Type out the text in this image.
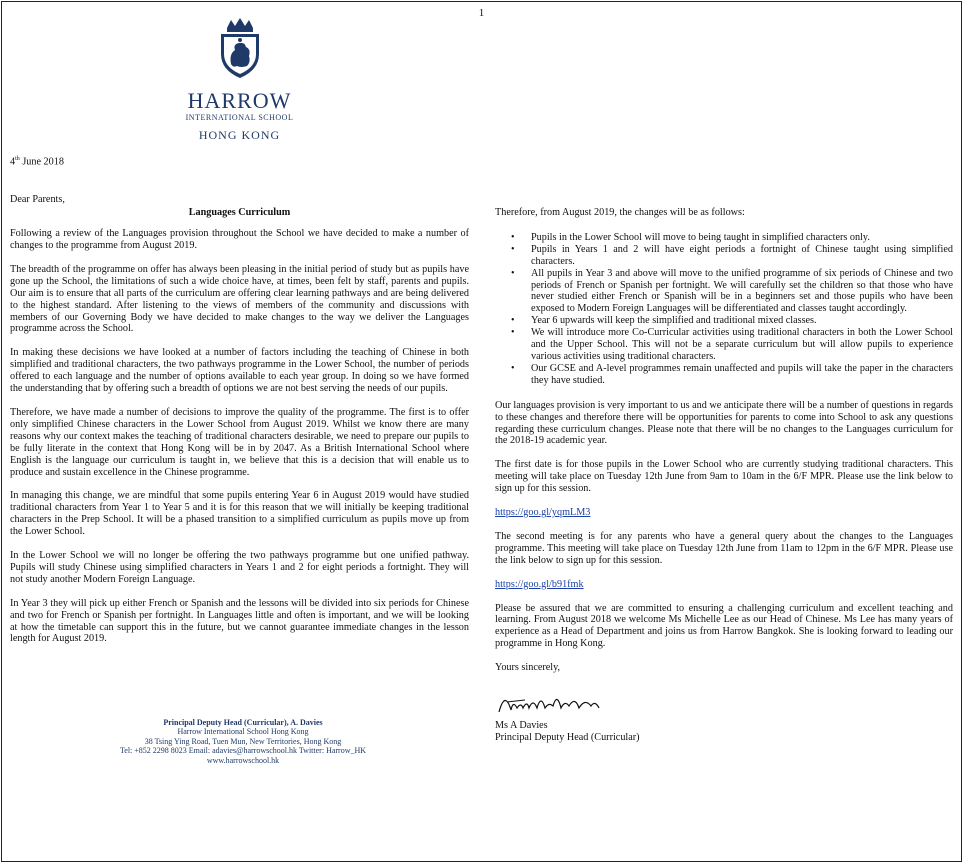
1
HARROW
INTERNATIONAL SCHOOL
HONG KONG
4th June 2018
Dear Parents,
Languages Curriculum

Following a review of the Languages provision throughout the School we have decided to make a number of changes to the programme from August 2019.

The breadth of the programme on offer has always been pleasing in the initial period of study but as pupils have gone up the School, the limitations of such a wide choice have, at times, been felt by staff, parents and pupils. Our aim is to ensure that all parts of the curriculum are offering clear learning pathways and are being delivered to the highest standard. After listening to the views of members of the community and discussions with members of our Governing Body we have decided to make changes to the way we deliver the Languages programme across the School.

In making these decisions we have looked at a number of factors including the teaching of Chinese in both simplified and traditional characters, the two pathways programme in the Lower School, the number of periods offered to each language and the number of options available to each year group. In doing so we have formed the understanding that by offering such a breadth of options we are not best serving the needs of our pupils.

Therefore, we have made a number of decisions to improve the quality of the programme. The first is to offer only simplified Chinese characters in the Lower School from August 2019. Whilst we know there are many reasons why our context makes the teaching of traditional characters desirable, we need to prepare our pupils to be fully literate in the context that Hong Kong will be in by 2047. As a British International School where English is the language our curriculum is taught in, we believe that this is a decision that will enable us to produce and sustain excellence in the Chinese programme.

In managing this change, we are mindful that some pupils entering Year 6 in August 2019 would have studied traditional characters from Year 1 to Year 5 and it is for this reason that we will initially be keeping traditional characters in the Prep School. It will be a phased transition to a simplified curriculum as pupils move up from the Lower School.

In the Lower School we will no longer be offering the two pathways programme but one unified pathway. Pupils will study Chinese using simplified characters in Years 1 and 2 for eight periods a fortnight. They will not study another Modern Foreign Language.

In Year 3 they will pick up either French or Spanish and the lessons will be divided into six periods for Chinese and two for French or Spanish per fortnight. In Languages little and often is important, and we will be looking at how the timetable can support this in the future, but we cannot guarantee immediate changes in the lesson length for August 2019.

Principal Deputy Head (Curricular), A. Davies
Harrow International School Hong Kong
38 Tsing Ying Road, Tuen Mun, New Territories, Hong Kong
Tel: +852 2298 8023 Email: adavies@harrowschool.hk Twitter: Harrow_HK
www.harrowschool.hk

Therefore, from August 2019, the changes will be as follows:

• Pupils in the Lower School will move to being taught in simplified characters only.
• Pupils in Years 1 and 2 will have eight periods a fortnight of Chinese taught using simplified characters.
• All pupils in Year 3 and above will move to the unified programme of six periods of Chinese and two periods of French or Spanish per fortnight. We will carefully set the children so that those who have never studied either French or Spanish will be in a beginners set and those pupils who have been exposed to Modern Foreign Languages will be differentiated and classes taught accordingly.
• Year 6 upwards will keep the simplified and traditional mixed classes.
• We will introduce more Co-Curricular activities using traditional characters in both the Lower School and the Upper School. This will not be a separate curriculum but will allow pupils to experience various activities using traditional characters.
• Our GCSE and A-level programmes remain unaffected and pupils will take the paper in the characters they have studied.

Our languages provision is very important to us and we anticipate there will be a number of questions in regards to these changes and therefore there will be opportunities for parents to come into School to ask any questions regarding these curriculum changes. Please note that there will be no changes to the Languages curriculum for the 2018-19 academic year.

The first date is for those pupils in the Lower School who are currently studying traditional characters. This meeting will take place on Tuesday 12th June from 9am to 10am in the 6/F MPR. Please use the link below to sign up for this session.

https://goo.gl/yqmLM3

The second meeting is for any parents who have a general query about the changes to the Languages programme. This meeting will take place on Tuesday 12th June from 11am to 12pm in the 6/F MPR. Please use the link below to sign up for this session.

https://goo.gl/b91fmk

Please be assured that we are committed to ensuring a challenging curriculum and excellent teaching and learning. From August 2018 we welcome Ms Michelle Lee as our Head of Chinese. Ms Lee has many years of experience as a Head of Department and joins us from Harrow Bangkok. She is looking forward to leading our programme in Hong Kong.

Yours sincerely,

Ms A Davies
Principal Deputy Head (Curricular)
